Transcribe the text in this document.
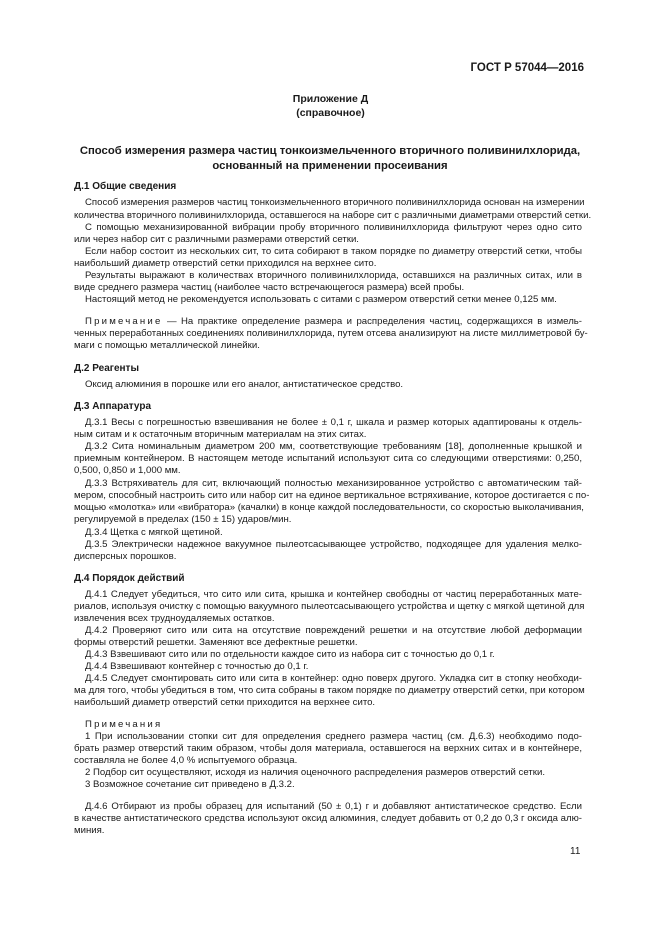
ГОСТ Р 57044—2016
Приложение Д
(справочное)
Способ измерения размера частиц тонкоизмельченного вторичного поливинилхлорида,
основанный на применении просеивания
Д.1 Общие сведения
Способ измерения размеров частиц тонкоизмельченного вторичного поливинилхлорида основан на измерении
количества вторичного поливинилхлорида, оставшегося на наборе сит с различными диаметрами отверстий сетки.
С помощью механизированной вибрации пробу вторичного поливинилхлорида фильтруют через одно сито
или через набор сит с различными размерами отверстий сетки.
Если набор состоит из нескольких сит, то сита собирают в таком порядке по диаметру отверстий сетки, чтобы
наибольший диаметр отверстий сетки приходился на верхнее сито.
Результаты выражают в количествах вторичного поливинилхлорида, оставшихся на различных ситах, или в
виде среднего размера частиц (наиболее часто встречающегося размера) всей пробы.
Настоящий метод не рекомендуется использовать с ситами с размером отверстий сетки менее 0,125 мм.
Примечание — На практике определение размера и распределения частиц, содержащихся в измель-
ченных переработанных соединениях поливинилхлорида, путем отсева анализируют на листе миллиметровой бу-
маги с помощью металлической линейки.
Д.2 Реагенты
Оксид алюминия в порошке или его аналог, антистатическое средство.
Д.3 Аппаратура
Д.3.1 Весы с погрешностью взвешивания не более ± 0,1 г, шкала и размер которых адаптированы к отдель-
ным ситам и к остаточным вторичным материалам на этих ситах.
Д.3.2 Сита номинальным диаметром 200 мм, соответствующие требованиям [18], дополненные крышкой и
приемным контейнером. В настоящем методе испытаний используют сита со следующими отверстиями: 0,250,
0,500, 0,850 и 1,000 мм.
Д.3.3 Встряхиватель для сит, включающий полностью механизированное устройство с автоматическим тай-
мером, способный настроить сито или набор сит на единое вертикальное встряхивание, которое достигается с по-
мощью «молотка» или «вибратора» (качалки) в конце каждой последовательности, со скоростью выколачивания,
регулируемой в пределах (150 ± 15) ударов/мин.
Д.3.4 Щетка с мягкой щетиной.
Д.3.5 Электрически надежное вакуумное пылеотсасывающее устройство, подходящее для удаления мелко-
дисперсных порошков.
Д.4 Порядок действий
Д.4.1 Следует убедиться, что сито или сита, крышка и контейнер свободны от частиц переработанных мате-
риалов, используя очистку с помощью вакуумного пылеотсасывающего устройства и щетку с мягкой щетиной для
извлечения всех трудноудаляемых остатков.
Д.4.2 Проверяют сито или сита на отсутствие повреждений решетки и на отсутствие любой деформации
формы отверстий решетки. Заменяют все дефектные решетки.
Д.4.3 Взвешивают сито или по отдельности каждое сито из набора сит с точностью до 0,1 г.
Д.4.4 Взвешивают контейнер с точностью до 0,1 г.
Д.4.5 Следует смонтировать сито или сита в контейнер: одно поверх другого. Укладка сит в стопку необходи-
ма для того, чтобы убедиться в том, что сита собраны в таком порядке по диаметру отверстий сетки, при котором
наибольший диаметр отверстий сетки приходится на верхнее сито.
Примечания
1 При использовании стопки сит для определения среднего размера частиц (см. Д.6.3) необходимо подо-
брать размер отверстий таким образом, чтобы доля материала, оставшегося на верхних ситах и в контейнере,
составляла не более 4,0 % испытуемого образца.
2 Подбор сит осуществляют, исходя из наличия оценочного распределения размеров отверстий сетки.
3 Возможное сочетание сит приведено в Д.3.2.
Д.4.6 Отбирают из пробы образец для испытаний (50 ± 0,1) г и добавляют антистатическое средство. Если
в качестве антистатического средства используют оксид алюминия, следует добавить от 0,2 до 0,3 г оксида алю-
миния.
11
